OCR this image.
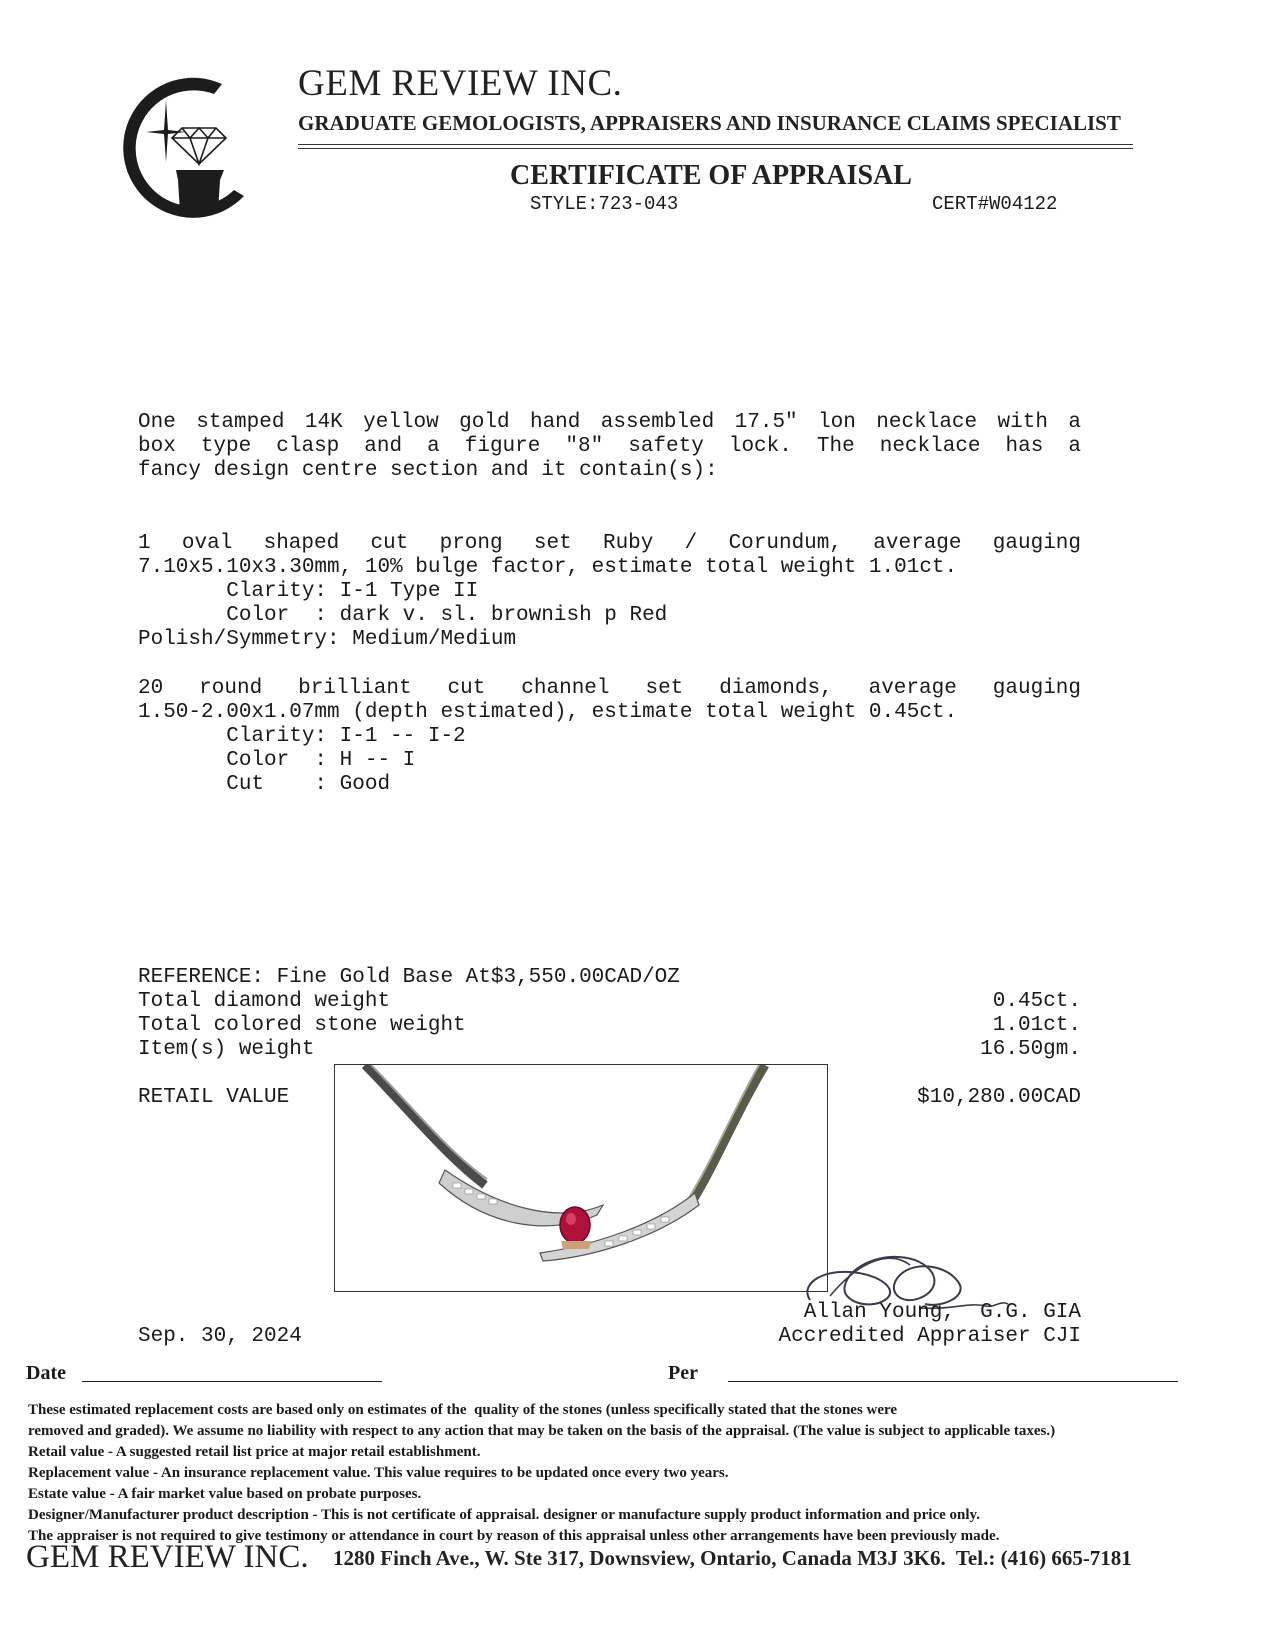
GEM REVIEW INC.
GRADUATE GEMOLOGISTS, APPRAISERS AND INSURANCE CLAIMS SPECIALIST
CERTIFICATE OF APPRAISAL
STYLE:723-043	CERT#W04122
One stamped 14K yellow gold hand assembled 17.5" lon necklace with a
box type clasp and a figure "8" safety lock. The necklace has a
fancy design centre section and it contain(s):
1 oval shaped cut prong set Ruby / Corundum, average gauging
7.10x5.10x3.30mm, 10% bulge factor, estimate total weight 1.01ct.
Clarity: I-1 Type II
Color  : dark v. sl. brownish p Red
Polish/Symmetry: Medium/Medium
20 round brilliant cut channel set diamonds, average gauging
1.50-2.00x1.07mm (depth estimated), estimate total weight 0.45ct.
Clarity: I-1 -- I-2
Color  : H -- I
Cut    : Good
REFERENCE: Fine Gold Base At$3,550.00CAD/OZ
Total diamond weight	0.45ct.
Total colored stone weight	1.01ct.
Item(s) weight	16.50gm.
RETAIL VALUE	$10,280.00CAD
Allan Young,  G.G. GIA
Accredited Appraiser CJI
Sep. 30, 2024
Date	Per
These estimated replacement costs are based only on estimates of the  quality of the stones (unless specifically stated that the stones were
removed and graded). We assume no liability with respect to any action that may be taken on the basis of the appraisal. (The value is subject to applicable taxes.)
Retail value - A suggested retail list price at major retail establishment.
Replacement value - An insurance replacement value. This value requires to be updated once every two years.
Estate value - A fair market value based on probate purposes.
Designer/Manufacturer product description - This is not certificate of appraisal. designer or manufacture supply product information and price only.
The appraiser is not required to give testimony or attendance in court by reason of this appraisal unless other arrangements have been previously made.
GEM REVIEW INC. 1280 Finch Ave., W. Ste 317, Downsview, Ontario, Canada M3J 3K6.  Tel.: (416) 665-7181
